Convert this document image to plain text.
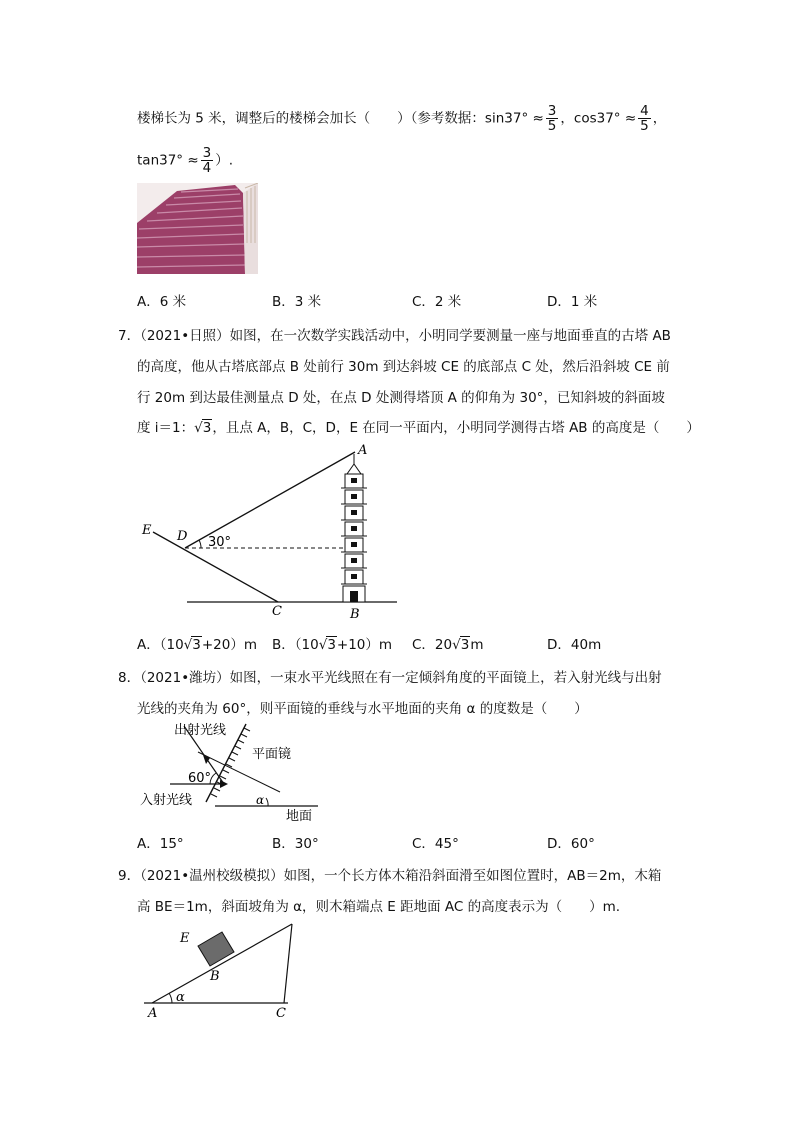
楼梯长为 5 米，调整后的楼梯会加长（　　）（参考数据：$\sin 37^\circ \approx \frac{3}{5}$ ，$\cos 37^\circ \approx \frac{4}{5}$ ，
$\tan 37^\circ \approx \frac{3}{4}$ ）.
A．6 米	B．3 米	C．2 米	D．1 米
7．（2021•日照）如图，在一次数学实践活动中，小明同学要测量一座与地面垂直的古塔 AB
的高度，他从古塔底部点 B 处前行 30m 到达斜坡 CE 的底部点 C 处，然后沿斜坡 CE 前
行 20m 到达最佳测量点 D 处，在点 D 处测得塔顶 A 的仰角为 30°，已知斜坡的斜面坡
度 i＝1：√3，且点 A，B，C，D，E 在同一平面内，小明同学测得古塔 AB 的高度是（　　）
A
B
C
D
E
30°
A．（10√3+20）m B．（10√3+10）m C．20√3m	D．40m
8．（2021•潍坊）如图，一束水平光线照在有一定倾斜角度的平面镜上，若入射光线与出射
光线的夹角为 60°，则平面镜的垂线与水平地面的夹角 α 的度数是（　　）
出射光线
平面镜
60°
入射光线	α
地面
A．15°	B．30°	C．45°	D．60°
9．（2021•温州校级模拟）如图，一个长方体木箱沿斜面滑至如图位置时，AB＝2m，木箱
高 BE＝1m，斜面坡角为 α，则木箱端点 E 距地面 AC 的高度表示为（　　）m.
α
A
B
C
E
